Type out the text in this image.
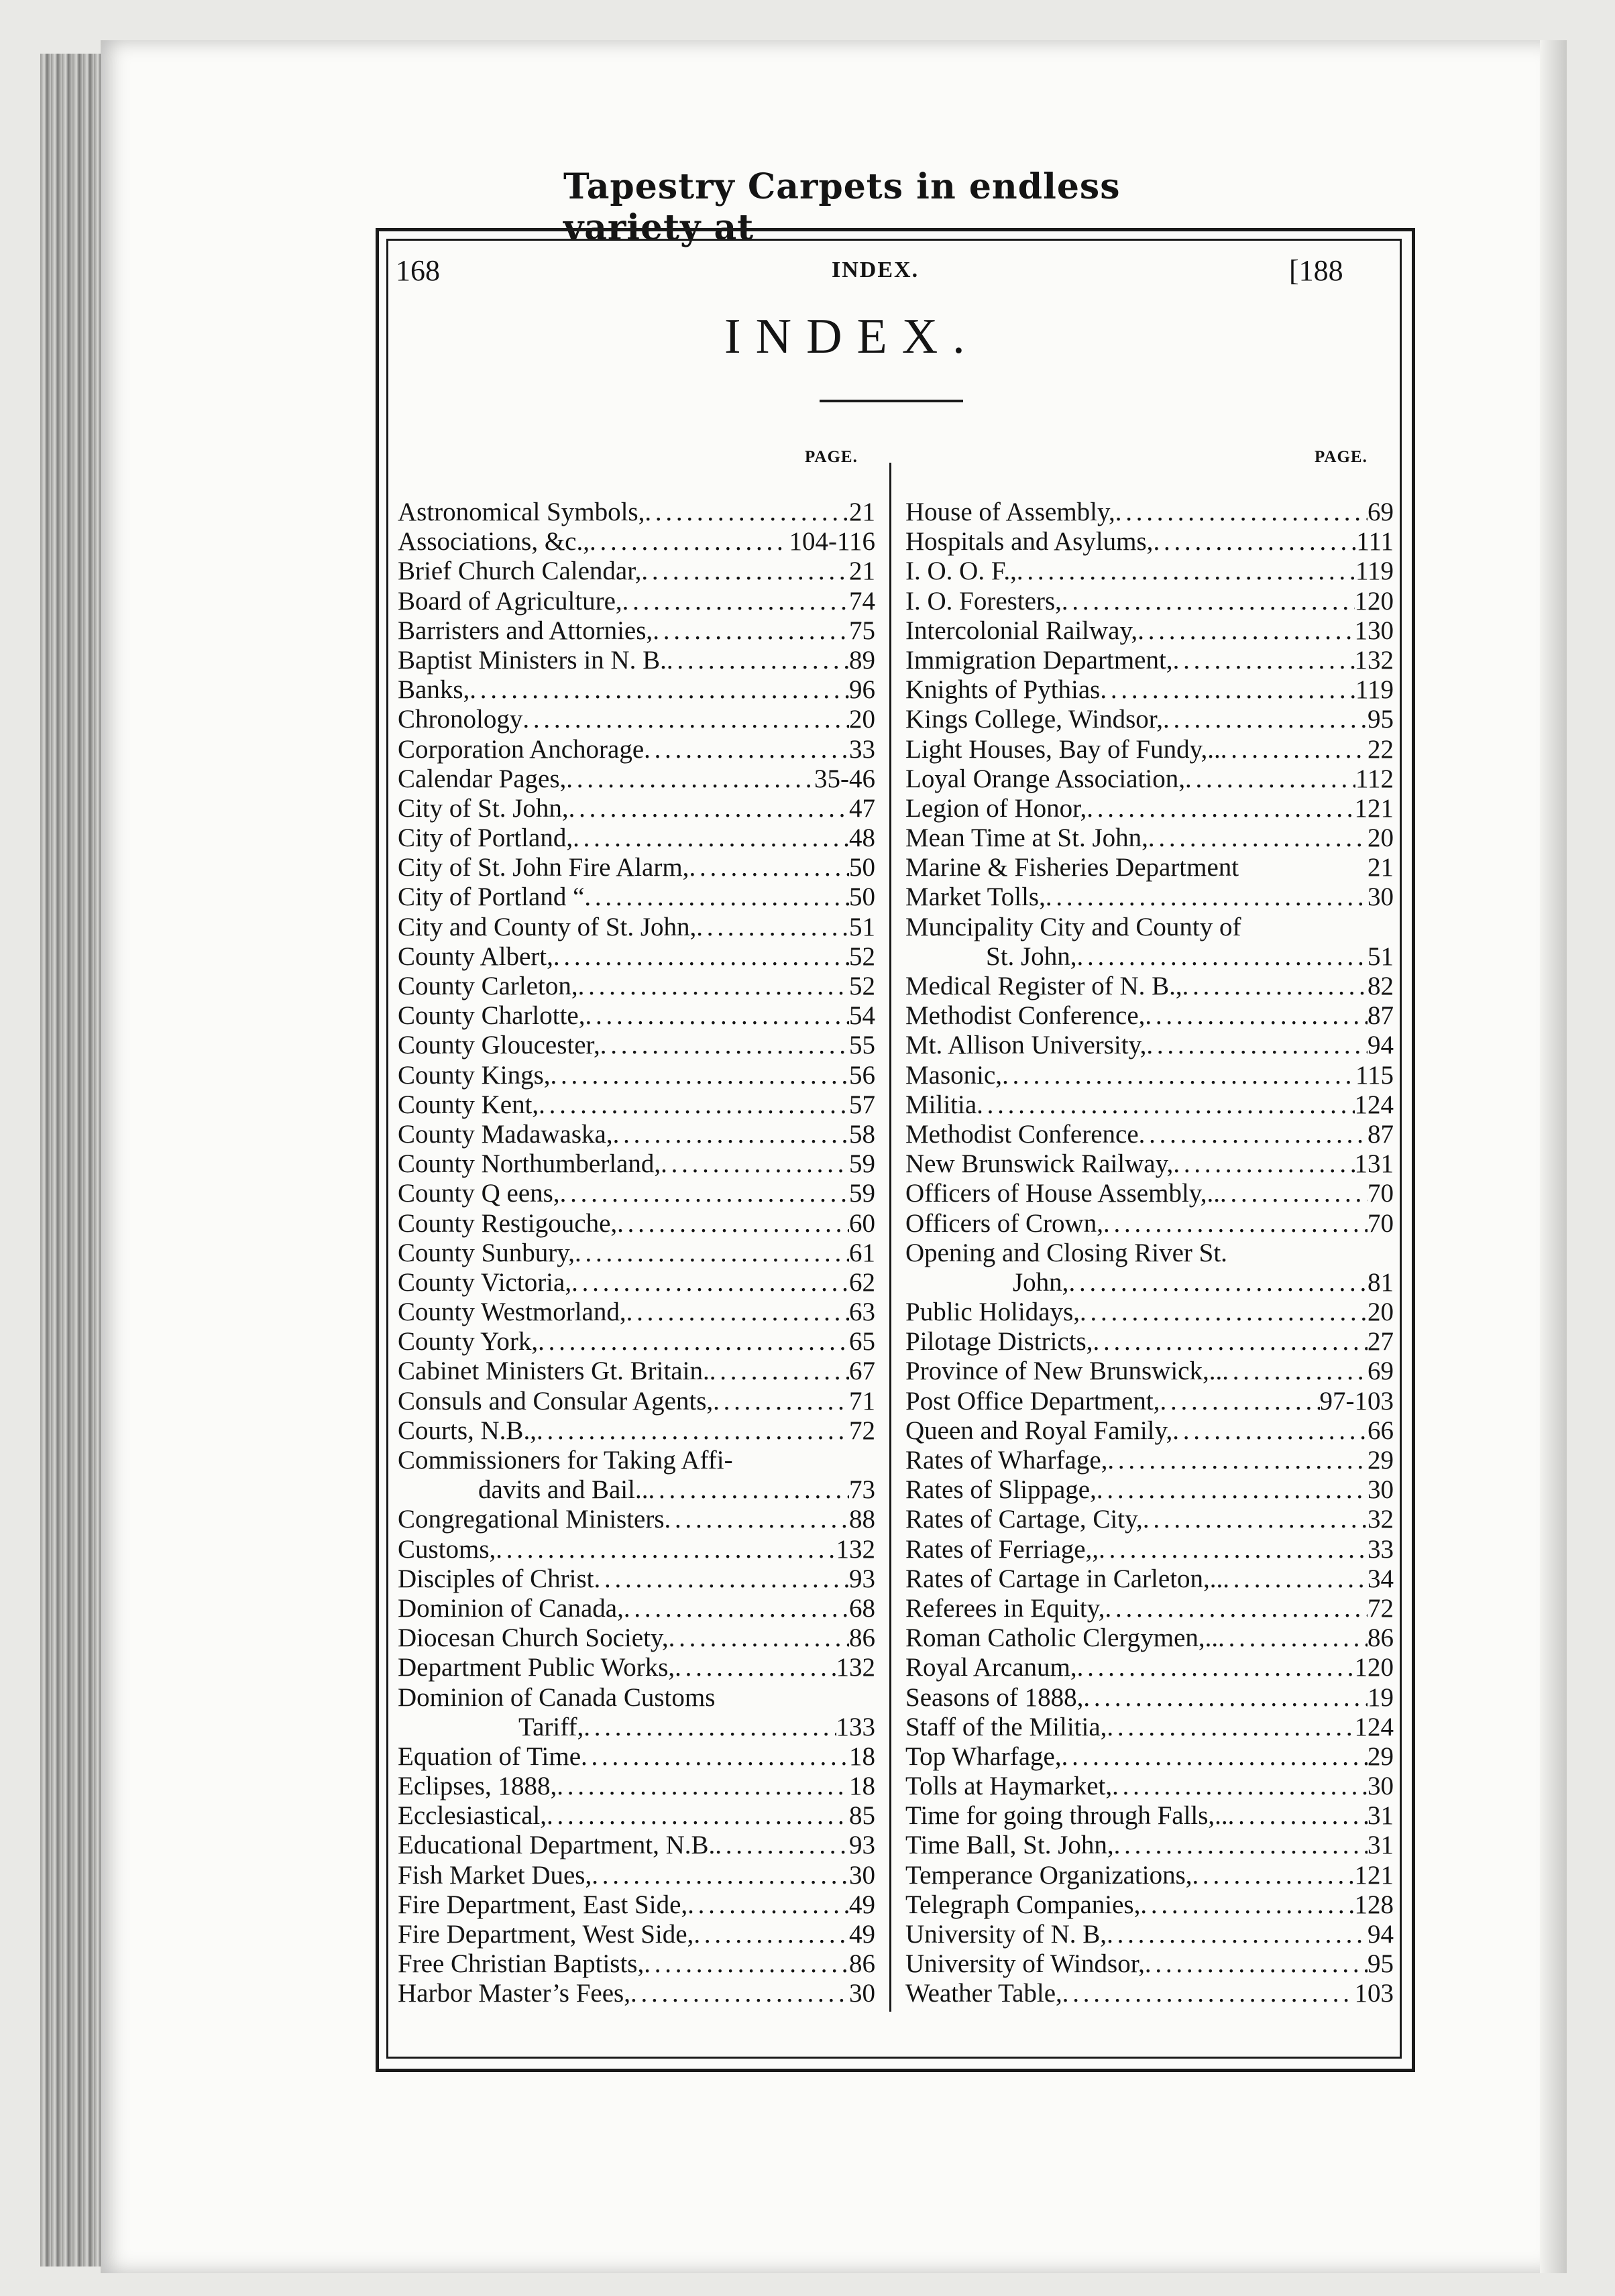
Tapestry Carpets in endless variety at
168	INDEX.	[188
INDEX.
PAGE.	PAGE.
Astronomical Symbols, . . .	21
Associations, &c., . . .	104-116
Brief Church Calendar, . . .	21
Board of Agriculture, . . .	74
Barristers and Attornies, . . .	75
Baptist Ministers in N. B. . . .	89
Banks, . . .	96
Chronology . . .	20
Corporation Anchorage . . .	33
Calendar Pages, . . .	35-46
City of St. John, . . .	47
City of Portland, . . .	48
City of St. John Fire Alarm, . . .	50
City of Portland “ . . .	50
City and County of St. John, . . .	51
County Albert, . . .	52
County Carleton, . . .	52
County Charlotte, . . .	54
County Gloucester, . . .	55
County Kings, . . .	56
County Kent, . . .	57
County Madawaska, . . .	58
County Northumberland, . . .	59
County Q eens, . . .	59
County Restigouche, . . .	60
County Sunbury, . . .	61
County Victoria, . . .	62
County Westmorland, . . .	63
County York, . . .	65
Cabinet Ministers Gt. Britain. . . .	67
Consuls and Consular Agents, . . .	71
Courts, N.B., . . .	72
Commissioners for Taking Affi-
davits and Bail.. . . .	73
Congregational Ministers . . .	88
Customs, . . .	132
Disciples of Christ . . .	93
Dominion of Canada, . . .	68
Diocesan Church Society, . . .	86
Department Public Works, . . .	132
Dominion of Canada Customs
Tariff, . . .	133
Equation of Time . . .	18
Eclipses, 1888, . . .	18
Ecclesiastical, . . .	85
Educational Department, N.B. . . .	93
Fish Market Dues, . . .	30
Fire Department, East Side, . . .	49
Fire Department, West Side, . . .	49
Free Christian Baptists, . . .	86
Harbor Master’s Fees, . . .	30
House of Assembly, . . .	69
Hospitals and Asylums, . . .	111
I. O. O. F., . . .	119
I. O. Foresters, . . .	120
Intercolonial Railway, . . .	130
Immigration Department, . . .	132
Knights of Pythias . . .	119
Kings College, Windsor, . . .	95
Light Houses, Bay of Fundy,.. . . .	22
Loyal Orange Association, . . .	112
Legion of Honor, . . .	121
Mean Time at St. John, . . .	20
Marine & Fisheries Department	21
Market Tolls, . . .	30
Muncipality City and County of
St. John, . . .	51
Medical Register of N. B., . . .	82
Methodist Conference, . . .	87
Mt. Allison University, . . .	94
Masonic, . . .	115
Militia . . .	124
Methodist Conference . . .	87
New Brunswick Railway, . . .	131
Officers of House Assembly,.. . . .	70
Officers of Crown, . . .	70
Opening and Closing River St.
John, . . .	81
Public Holidays, . . .	20
Pilotage Districts, . . .	27
Province of New Brunswick,.. . . .	69
Post Office Department, . . .	97-103
Queen and Royal Family, . . .	66
Rates of Wharfage, . . .	29
Rates of Slippage, . . .	30
Rates of Cartage, City, . . .	32
Rates of Ferriage,, . . .	33
Rates of Cartage in Carleton,.. . . .	34
Referees in Equity, . . .	72
Roman Catholic Clergymen,.. . . .	86
Royal Arcanum, . . .	120
Seasons of 1888, . . .	19
Staff of the Militia, . . .	124
Top Wharfage, . . .	29
Tolls at Haymarket, . . .	30
Time for going through Falls,.. . . .	31
Time Ball, St. John, . . .	31
Temperance Organizations, . . .	121
Telegraph Companies, . . .	128
University of N. B, . . .	94
University of Windsor, . . .	95
Weather Table, . . .	103
